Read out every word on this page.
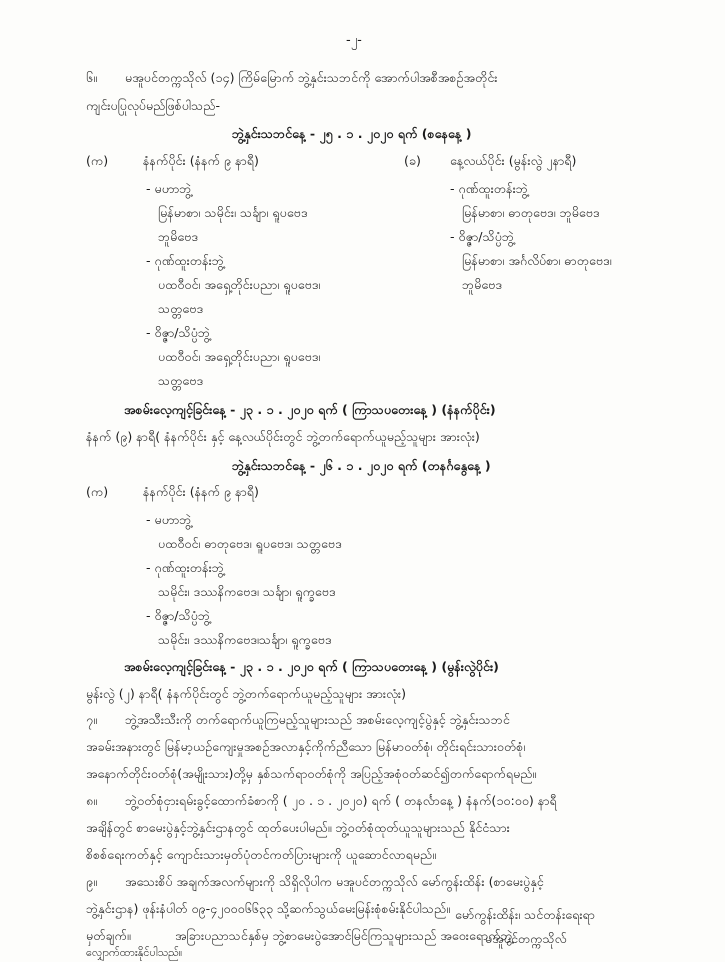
-၂-
၆။ မအူပင်တက္ကသိုလ် (၁၄) ကြိမ်မြောက် ဘွဲ့နှင်းသဘင်ကို အောက်ပါအစီအစဉ်အတိုင်း
ကျင်းပပြုလုပ်မည်ဖြစ်ပါသည်-
ဘွဲ့နှင်းသဘင်နေ့ - ၂၅ . ၁ . ၂၀၂၀ ရက် (စနေနေ့ )
(က)	နံနက်ပိုင်း (နံနက် ၉ နာရီ)
- မဟာဘွဲ့
မြန်မာစာ၊ သမိုင်း၊ သင်္ချာ၊ ရူပဗေဒ
ဘူမိဗေဒ
- ဂုဏ်ထူးတန်းဘွဲ့
ပထဝီဝင်၊ အရှေ့တိုင်းပညာ၊ ရူပဗေဒ၊
သတ္တဗေဒ
- ဝိဇ္ဇာ/သိပ္ပံဘွဲ့
ပထဝီဝင်၊ အရှေ့တိုင်းပညာ၊ ရူပဗေဒ၊
သတ္တဗေဒ
(ခ) နေ့လယ်ပိုင်း (မွန်းလွဲ ၂နာရီ)
- ဂုဏ်ထူးတန်းဘွဲ့
မြန်မာစာ၊ ဓာတုဗေဒ၊ ဘူမိဗေဒ
- ဝိဇ္ဇာ/သိပ္ပံဘွဲ့
မြန်မာစာ၊ အင်္ဂလိပ်စာ၊ ဓာတုဗေဒ၊
ဘူမိဗေဒ
အစမ်းလေ့ကျင့်ခြင်းနေ့ - ၂၃ . ၁ . ၂၀၂၀ ရက် ( ကြာသပတေးနေ့ ) (နံနက်ပိုင်း)
နံနက် (၉) နာရီ( နံနက်ပိုင်း နှင့် နေ့လယ်ပိုင်းတွင် ဘွဲ့တက်ရောက်ယူမည့်သူများ အားလုံး)
ဘွဲ့နှင်းသဘင်နေ့ - ၂၆ . ၁ . ၂၀၂၀ ရက် (တနင်္ဂနွေနေ့ )
(က)	နံနက်ပိုင်း (နံနက် ၉ နာရီ)
- မဟာဘွဲ့
ပထဝီဝင်၊ ဓာတုဗေဒ၊ ရူပဗေဒ၊ သတ္တဗေဒ
- ဂုဏ်ထူးတန်းဘွဲ့
သမိုင်း၊ ဒဿနိကဗေဒ၊ သင်္ချာ၊ ရူက္ခဗေဒ
- ဝိဇ္ဇာ/သိပ္ပံဘွဲ့
သမိုင်း၊ ဒဿနိကဗေဒ၊သင်္ချာ၊ ရူက္ခဗေဒ
အစမ်းလေ့ကျင့်ခြင်းနေ့ - ၂၃ . ၁ . ၂၀၂၀ ရက် ( ကြာသပတေးနေ့ ) (မွန်းလွဲပိုင်း)
မွန်းလွဲ (၂) နာရီ( နံနက်ပိုင်းတွင် ဘွဲ့တက်ရောက်ယူမည့်သူများ အားလုံး)
၇။ ဘွဲ့အသီးသီးကို တက်ရောက်ယူကြမည့်သူများသည် အစမ်းလေ့ကျင့်ပွဲနှင့် ဘွဲ့နှင်းသဘင်
အခမ်းအနားတွင် မြန်မာ့ယဉ်ကျေးမှုအစဉ်အလာနှင့်ကိုက်ညီသော မြန်မာဝတ်စုံ၊ တိုင်းရင်းသားဝတ်စုံ၊
အနောက်တိုင်းဝတ်စုံ(အမျိုးသား)တို့မှ နှစ်သက်ရာဝတ်စုံကို အပြည့်အစုံဝတ်ဆင်၍တက်ရောက်ရမည်။
၈။ ဘွဲ့ဝတ်စုံငှားရမ်းခွင့်ထောက်ခံစာကို ( ၂၀ . ၁ . ၂၀၂၀) ရက် ( တနင်္လာနေ့ ) နံနက်(၁၀:၀၀) နာရီ
အချိန်တွင် စာမေးပွဲနှင့်ဘွဲ့နှင်းဌာနတွင် ထုတ်ပေးပါမည်။ ဘွဲ့ဝတ်စုံထုတ်ယူသူများသည် နိုင်ငံသား
စိစစ်ရေးကတ်နှင့် ကျောင်းသားမှတ်ပုံတင်ကတ်ပြားများကို ယူဆောင်လာရမည်။
၉။ အသေးစိပ် အချက်အလက်များကို သိရှိလိုပါက မအူပင်တက္ကသိုလ် မော်ကွန်းထိန်း (စာမေးပွဲနှင့်
ဘွဲ့နှင်းဌာန) ဖုန်းနံပါတ် ၀၉-၄၂၀၀၀၆၆၃၃ သို့ဆက်သွယ်မေးမြန်းစုံစမ်းနိုင်ပါသည်။
မှတ်ချက်။	အခြားပညာသင်နှစ်မှ ဘွဲ့စာမေးပွဲအောင်မြင်ကြသူများသည် အဝေးရောက်ဘွဲ့
မော်ကွန်းထိန်း၊ သင်တန်းရေးရာ
မအူပင်တက္ကသိုလ်
လျှောက်ထားနိုင်ပါသည်။
